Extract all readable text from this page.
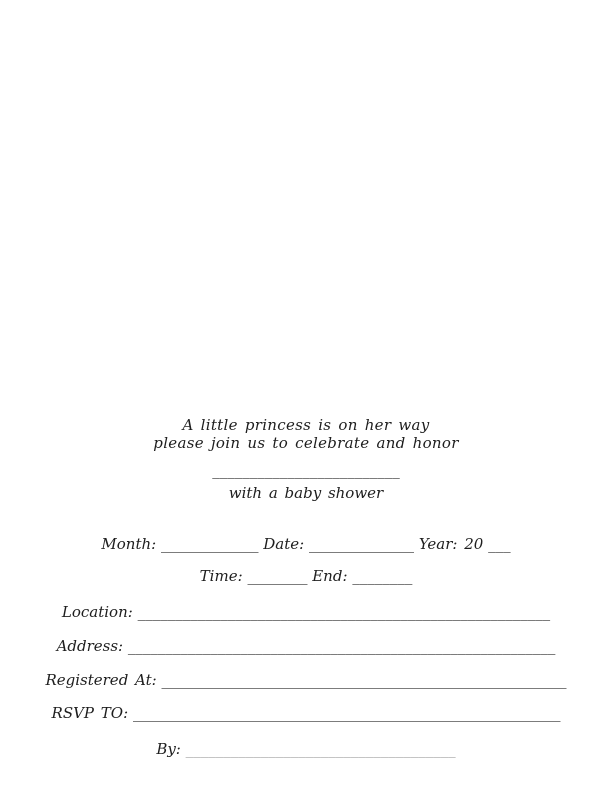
A little princess is on her way
please join us to celebrate and honor
_________________________
with a baby shower
Month: _____________ Date: ______________ Year: 20 ___
Time: ________ End: ________
Location: _______________________________________________________
Address: _________________________________________________________
Registered At: ______________________________________________________
RSVP TO: _________________________________________________________
By: ____________________________________
